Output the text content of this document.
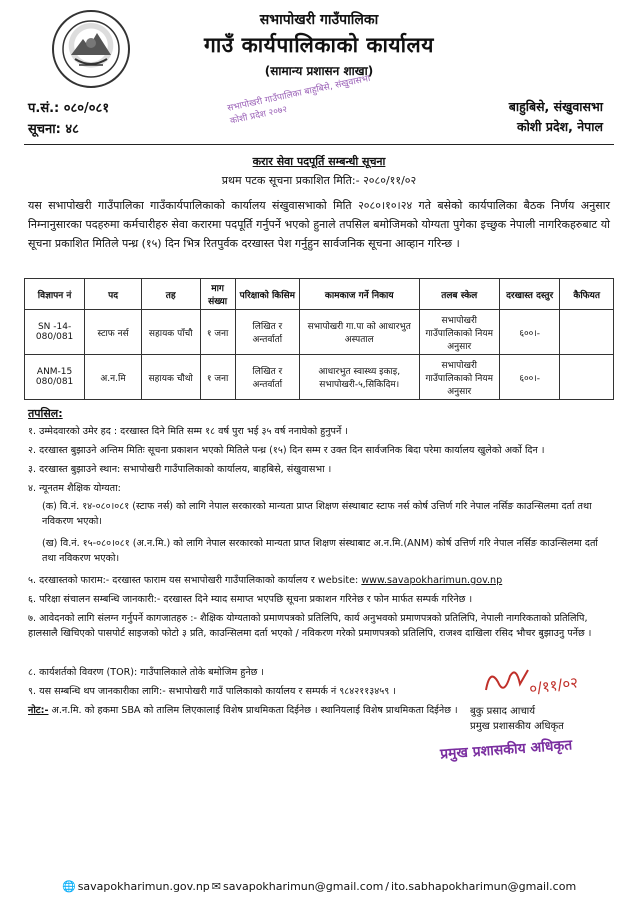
सभापोखरी गाउँपालिका
गाउँ कार्यपालिकाको कार्यालय
(सामान्य प्रशासन शाखा)
प.सं.: ०८०/०८१
सूचना: ४८
बाहुबिसे, संखुवासभा
कोशी प्रदेश, नेपाल
सभापोखरी गाउँपालिका बाहुबिसे, संखुवासभा कोशी प्रदेश २०७२
करार सेवा पदपूर्ति सम्बन्धी सूचना
प्रथम पटक सूचना प्रकाशित मिति:- २०८०/११/०२
यस सभापोखरी गाउँपालिका गाउँकार्यपालिकाको कार्यालय संखुवासभाको मिति २०८०।१०।२४ गते बसेको कार्यपालिका बैठक निर्णय अनुसार निम्नानुसारका पदहरुमा कर्मचारीहरु सेवा करारमा पदपूर्ति गर्नुपर्ने भएको हुनाले तपसिल बमोजिमको योग्यता पुगेका इच्छुक नेपाली नागरिकहरुबाट यो सूचना प्रकाशित मितिले पन्ध्र (१५) दिन भित्र रितपुर्वक दरखास्त पेश गर्नुहुन सार्वजनिक सूचना आव्हान गरिन्छ ।
विज्ञापन नं	पद	तह	माग संख्या	परिक्षाको किसिम	कामकाज गर्ने निकाय	तलब स्केल	दरखास्त दस्तुर	कैफियत
SN -14-080/081	स्टाफ नर्स	सहायक पाँचौ	१ जना	लिखित र अन्तर्वार्ता	सभापोखरी गा.पा को आधारभुत अस्पताल	सभापोखरी गाउँपालिकाको नियम अनुसार	६००।-	
ANM-15 080/081	अ.न.मि	सहायक चौथो	१ जना	लिखित र अन्तर्वार्ता	आधारभुत स्वास्थ्य इकाइ, सभापोखरी-५,सिकिदिम।	सभापोखरी गाउँपालिकाको नियम अनुसार	६००।-	
तपसिल:
१. उम्मेदवारको उमेर हद : दरखास्त दिने मिति सम्म १८ वर्ष पुरा भई ३५ वर्ष ननाघेको हुनुपर्ने ।
२. दरखास्त बुझाउने अन्तिम मितिः सूचना प्रकाशन भएको मितिले पन्ध्र (१५) दिन सम्म र उक्त दिन सार्वजनिक बिदा परेमा कार्यालय खुलेको अर्को दिन ।
३. दरखास्त बुझाउने स्थान: सभापोखरी गाउँपालिकाको कार्यालय, बाहबिसे, संखुवासभा ।
४. न्यूनतम शैक्षिक योग्यता:
(क) वि.नं. १४-०८०।०८१ (स्टाफ नर्स) को लागि नेपाल सरकारको मान्यता प्राप्त शिक्षण संस्थाबाट स्टाफ नर्स कोर्ष उत्तिर्ण गरि नेपाल नर्सिङ काउन्सिलमा दर्ता तथा नविकरण भएको।
(ख) वि.नं. १५-०८०।०८१ (अ.न.मि.) को लागि नेपाल सरकारको मान्यता प्राप्त शिक्षण संस्थाबाट अ.न.मि.(ANM) कोर्ष उत्तिर्ण गरि नेपाल नर्सिङ काउन्सिलमा दर्ता तथा नविकरण भएको।
५. दरखास्तको फाराम:- दरखास्त फाराम यस सभापोखरी गाउँपालिकाको कार्यालय र website: www.savapokharimun.gov.np
६. परिक्षा संचालन सम्बन्धि जानकारी:- दरखास्त दिने म्याद समाप्त भएपछि सूचना प्रकाशन गरिनेछ र फोन मार्फत सम्पर्क गरिनेछ ।
७. आवेदनको लागि संलग्न गर्नुपर्ने कागजातहरु :- शैक्षिक योग्यताको प्रमाणपत्रको प्रतिलिपि, कार्य अनुभवको प्रमाणपत्रको प्रतिलिपि, नेपाली नागरिकताको प्रतिलिपि, हालसालै खिचिएको पासपोर्ट साइजको फोटो ३ प्रति, काउन्सिलमा दर्ता भएको / नविकरण गरेको प्रमाणपत्रको प्रतिलिपि, राजश्व दाखिला रसिद भौचर बुझाउनु पर्नेछ ।
८. कार्यशर्तको विवरण (TOR): गाउँपालिकाले तोके बमोजिम हुनेछ ।
९. यस सम्बन्धि थप जानकारीका लागि:- सभापोखरी गाउँ पालिकाको कार्यालय र सम्पर्क नं ९८४२११३४५९ ।
नोट:- अ.न.मि. को हकमा SBA को तालिम लिएकालाई विशेष प्राथमिकता दिईनेछ । स्थानियलाई विशेष प्राथमिकता दिईनेछ ।
०/११/०२
बुकु प्रसाद आचार्य
प्रमुख प्रशासकीय अधिकृत
प्रमुख प्रशासकीय अधिकृत
🌐 savapokharimun.gov.np ✉ savapokharimun@gmail.com / ito.sabhapokharimun@gmail.com
